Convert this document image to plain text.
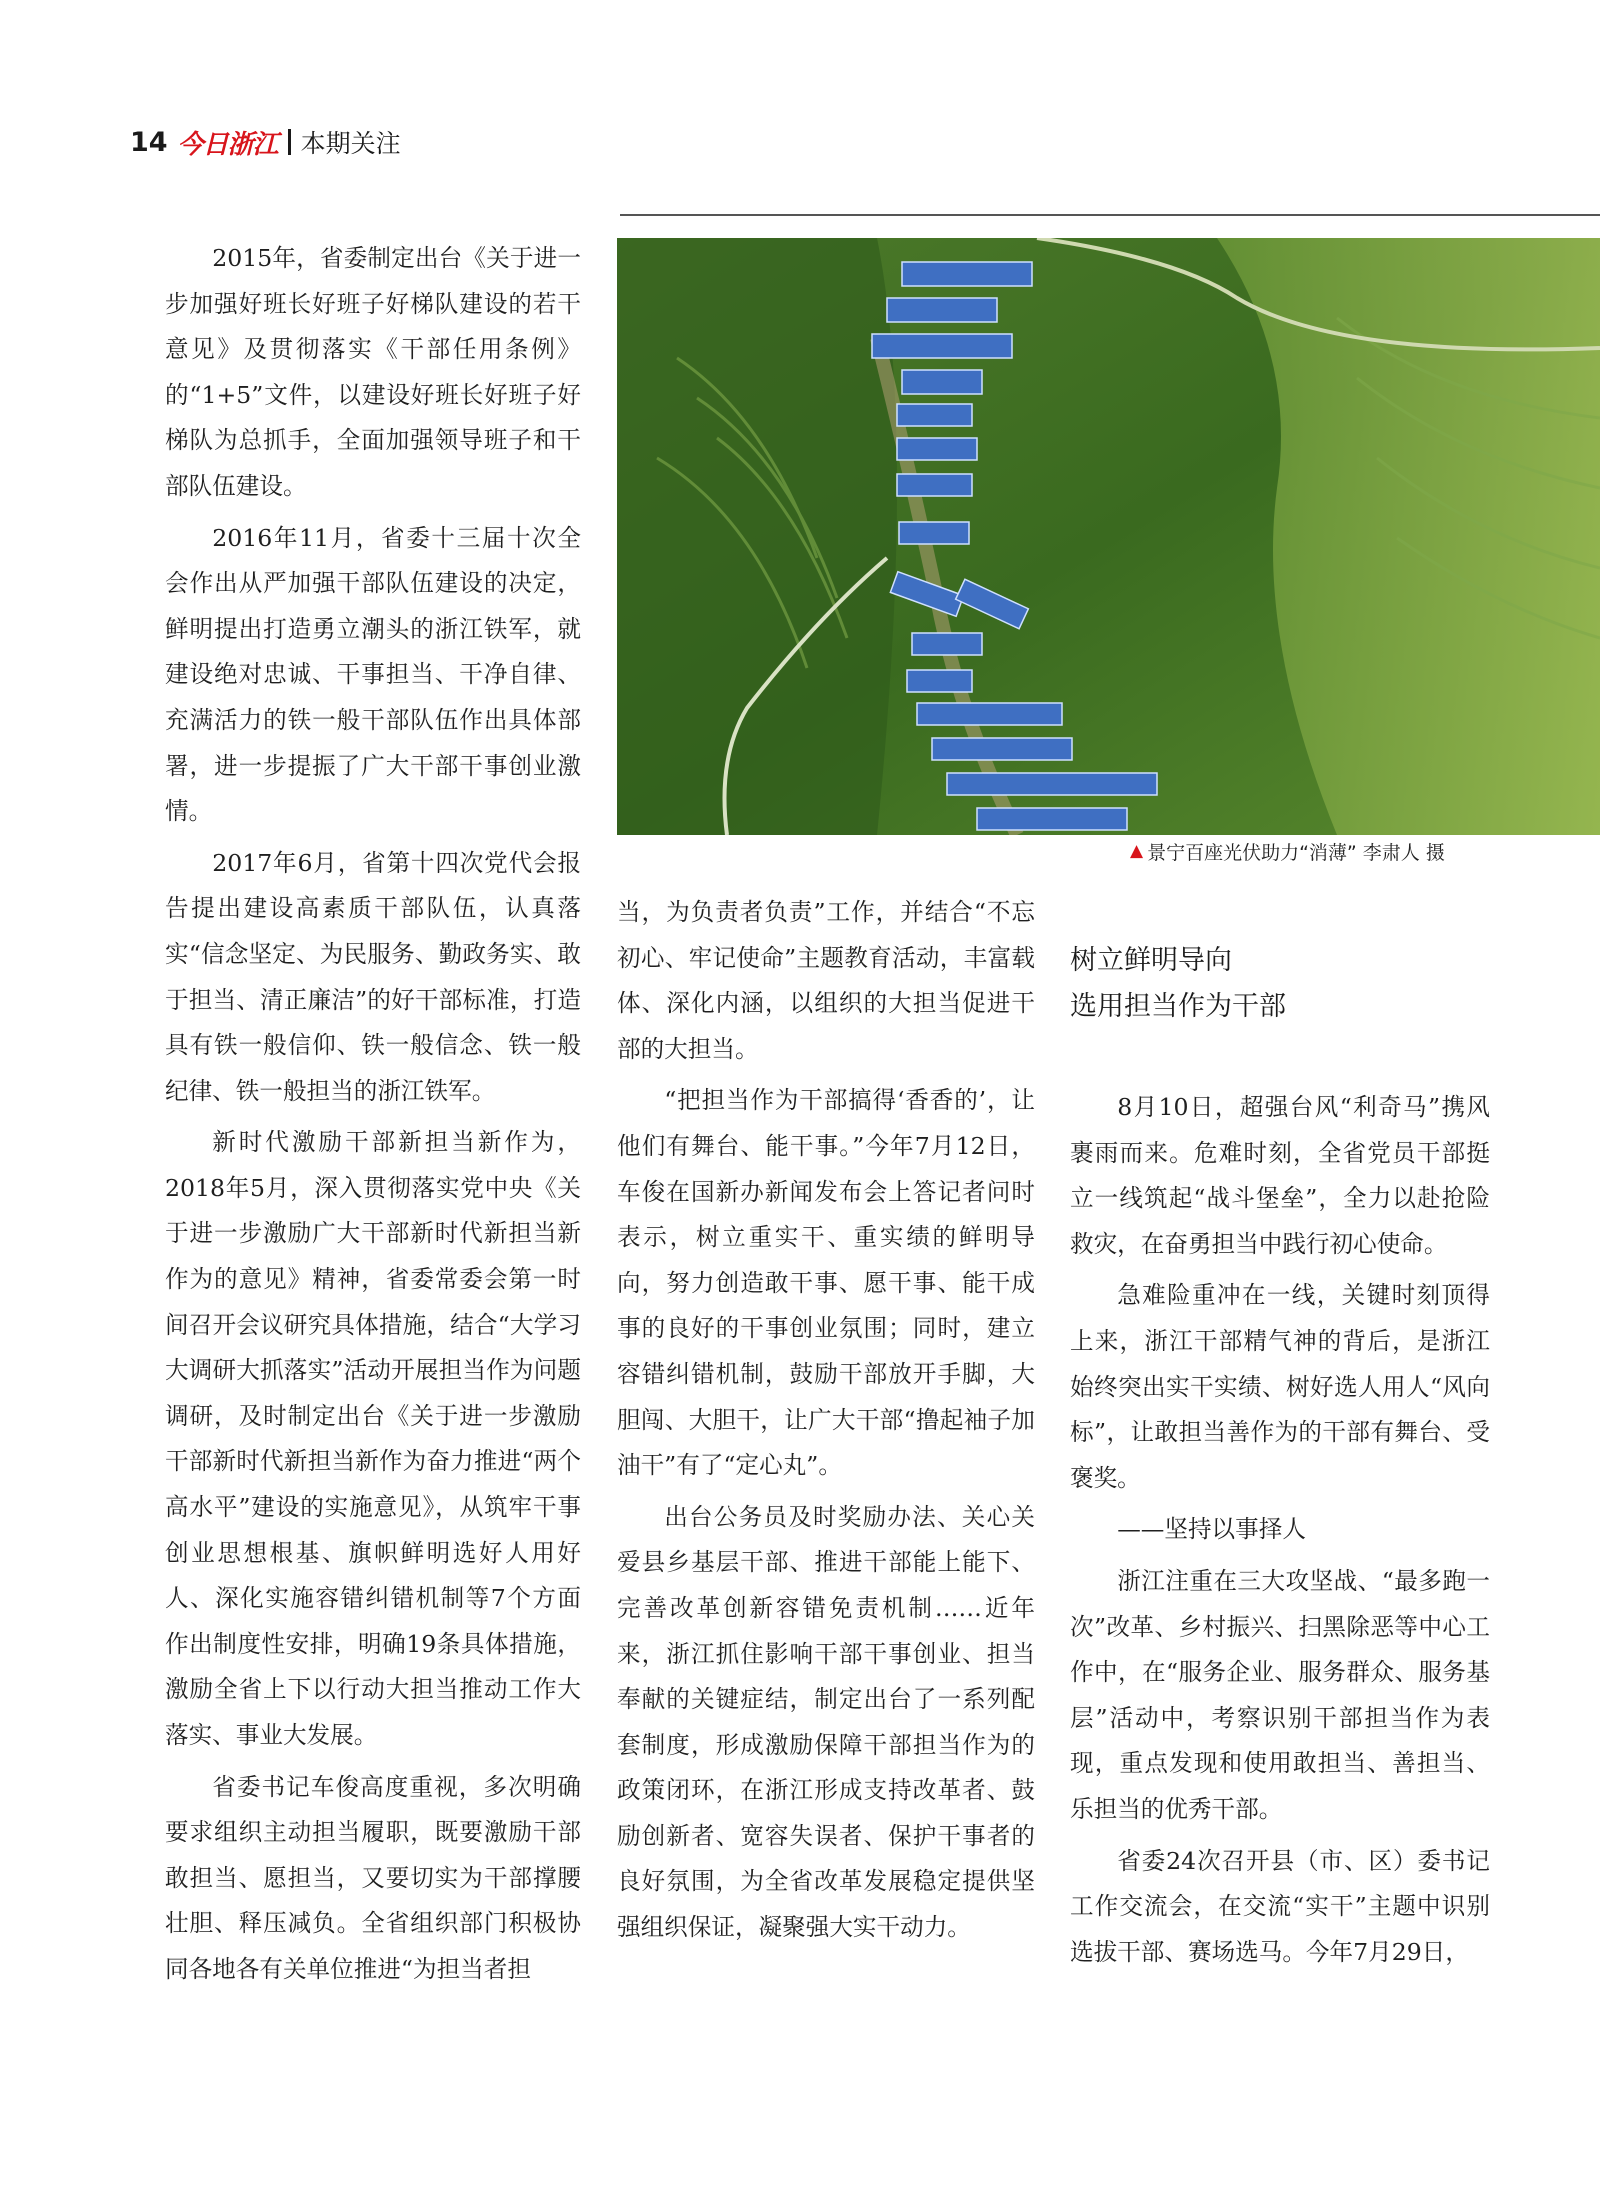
14 今日浙江 本期关注
▲ 景宁百座光伏助力“消薄” 李肃人 摄

2015年，省委制定出台《关于进一步加强好班长好班子好梯队建设的若干意见》及贯彻落实《干部任用条例》的“1+5”文件，以建设好班长好班子好梯队为总抓手，全面加强领导班子和干部队伍建设。

2016年11月，省委十三届十次全会作出从严加强干部队伍建设的决定，鲜明提出打造勇立潮头的浙江铁军，就建设绝对忠诚、干事担当、干净自律、充满活力的铁一般干部队伍作出具体部署，进一步提振了广大干部干事创业激情。

2017年6月，省第十四次党代会报告提出建设高素质干部队伍，认真落实“信念坚定、为民服务、勤政务实、敢于担当、清正廉洁”的好干部标准，打造具有铁一般信仰、铁一般信念、铁一般纪律、铁一般担当的浙江铁军。

新时代激励干部新担当新作为，2018年5月，深入贯彻落实党中央《关于进一步激励广大干部新时代新担当新作为的意见》精神，省委常委会第一时间召开会议研究具体措施，结合“大学习大调研大抓落实”活动开展担当作为问题调研，及时制定出台《关于进一步激励干部新时代新担当新作为奋力推进“两个高水平”建设的实施意见》，从筑牢干事创业思想根基、旗帜鲜明选好人用好人、深化实施容错纠错机制等7个方面作出制度性安排，明确19条具体措施，激励全省上下以行动大担当推动工作大落实、事业大发展。

省委书记车俊高度重视，多次明确要求组织主动担当履职，既要激励干部敢担当、愿担当，又要切实为干部撑腰壮胆、释压减负。全省组织部门积极协同各地各有关单位推进“为担当者担

当，为负责者负责”工作，并结合“不忘初心、牢记使命”主题教育活动，丰富载体、深化内涵，以组织的大担当促进干部的大担当。

“把担当作为干部搞得‘香香的’，让他们有舞台、能干事。”今年7月12日，车俊在国新办新闻发布会上答记者问时表示，树立重实干、重实绩的鲜明导向，努力创造敢干事、愿干事、能干成事的良好的干事创业氛围；同时，建立容错纠错机制，鼓励干部放开手脚，大胆闯、大胆干，让广大干部“撸起袖子加油干”有了“定心丸”。

出台公务员及时奖励办法、关心关爱县乡基层干部、推进干部能上能下、完善改革创新容错免责机制……近年来，浙江抓住影响干部干事创业、担当奉献的关键症结，制定出台了一系列配套制度，形成激励保障干部担当作为的政策闭环，在浙江形成支持改革者、鼓励创新者、宽容失误者、保护干事者的良好氛围，为全省改革发展稳定提供坚强组织保证，凝聚强大实干动力。

树立鲜明导向
选用担当作为干部

8月10日，超强台风“利奇马”携风裹雨而来。危难时刻，全省党员干部挺立一线筑起“战斗堡垒”，全力以赴抢险救灾，在奋勇担当中践行初心使命。

急难险重冲在一线，关键时刻顶得上来，浙江干部精气神的背后，是浙江始终突出实干实绩、树好选人用人“风向标”，让敢担当善作为的干部有舞台、受褒奖。

——坚持以事择人

浙江注重在三大攻坚战、“最多跑一次”改革、乡村振兴、扫黑除恶等中心工作中，在“服务企业、服务群众、服务基层”活动中，考察识别干部担当作为表现，重点发现和使用敢担当、善担当、乐担当的优秀干部。

省委24次召开县（市、区）委书记工作交流会，在交流“实干”主题中识别选拔干部、赛场选马。今年7月29日，
